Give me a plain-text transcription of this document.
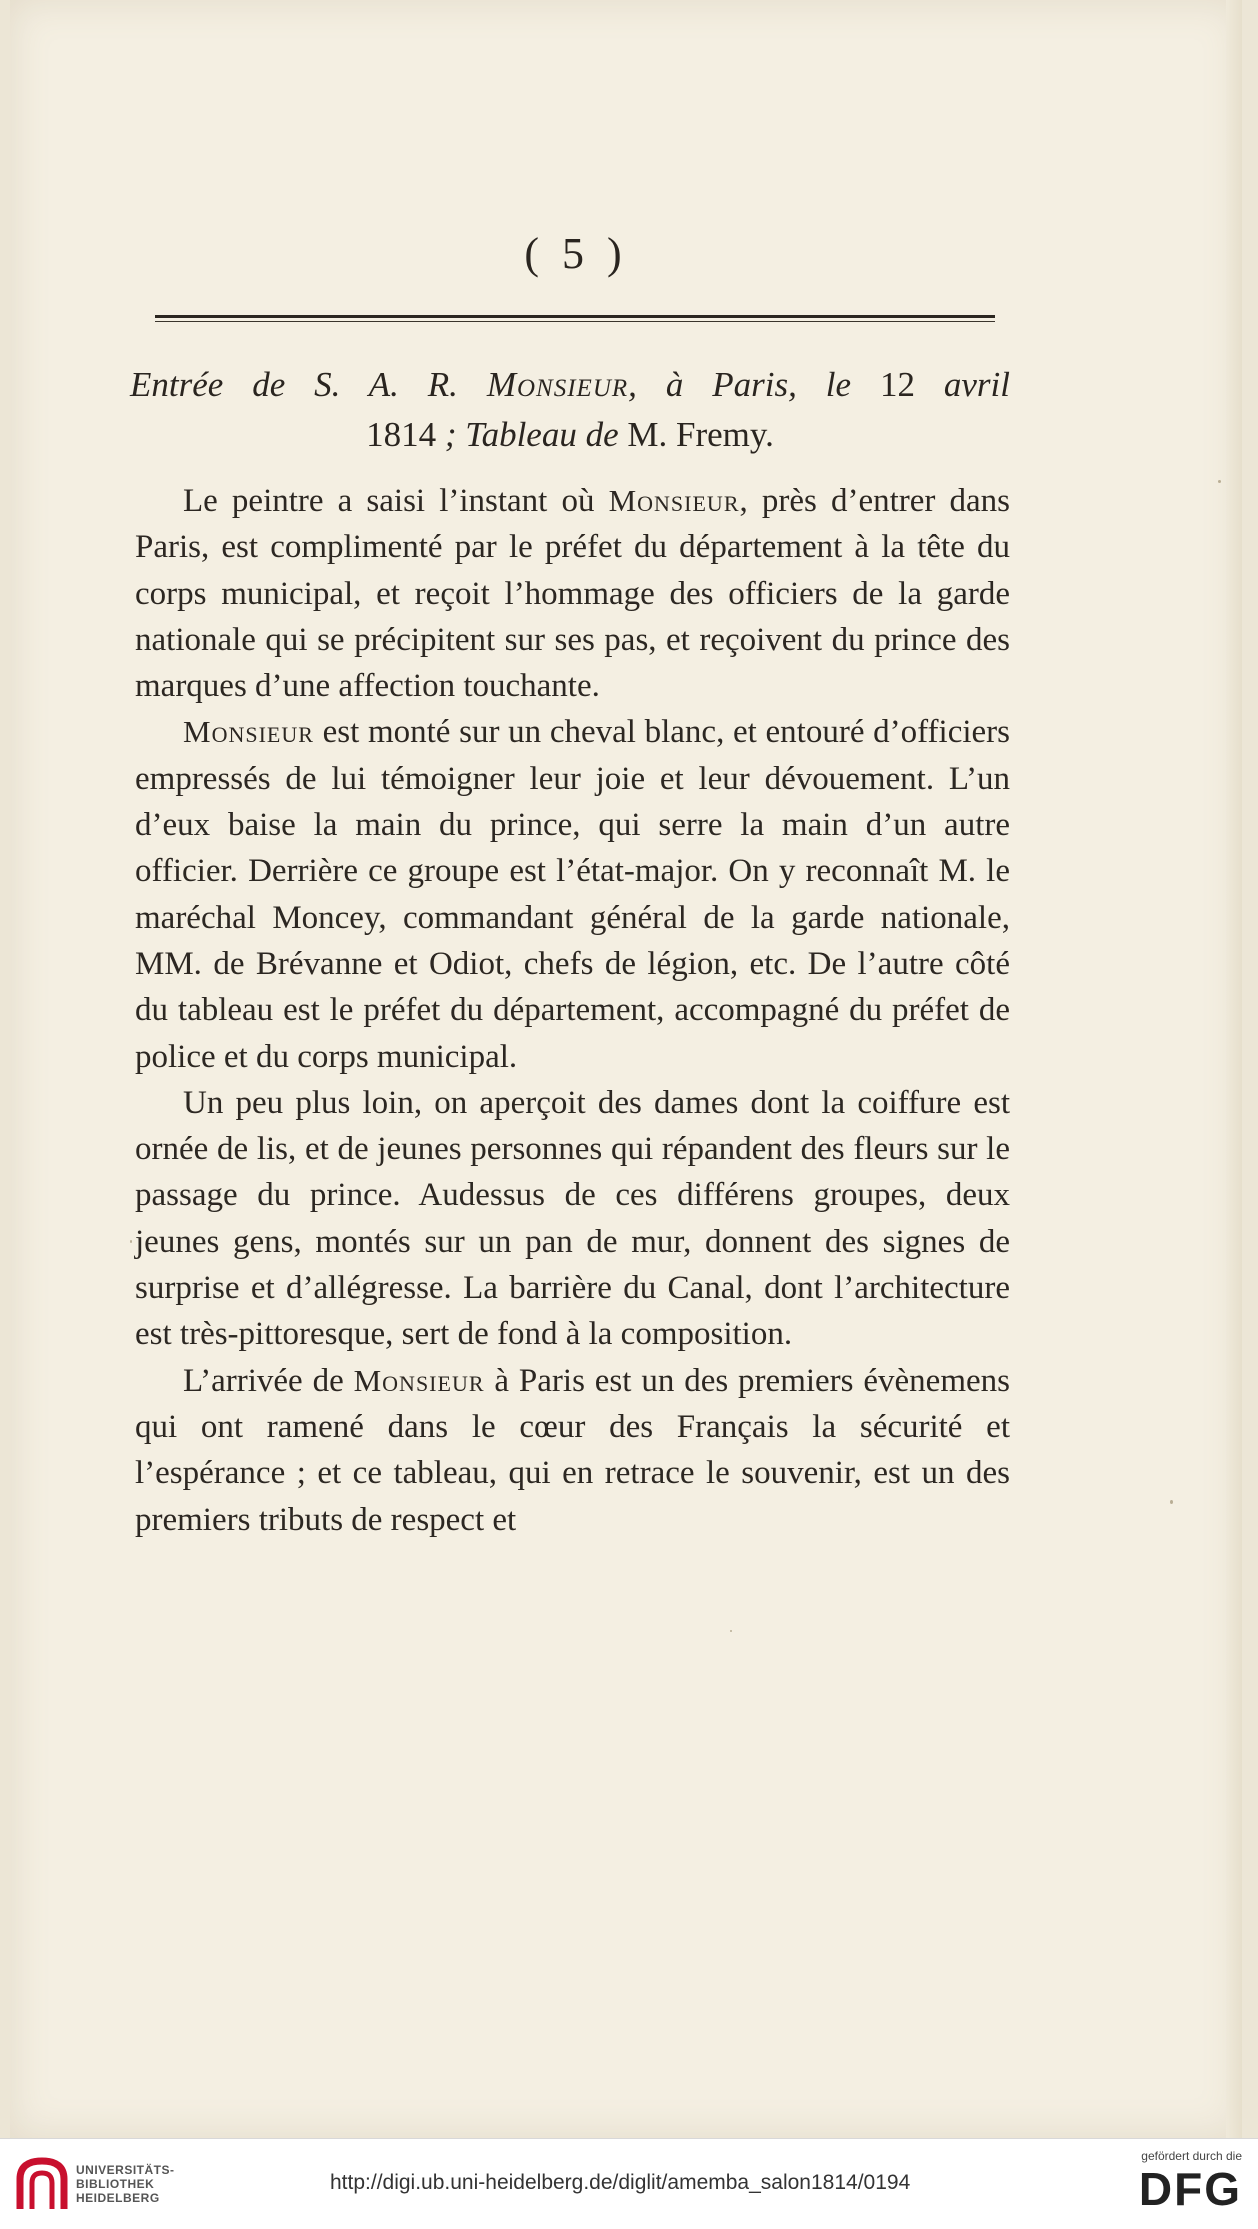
( 5 )
Entrée de S. A. R. Monsieur, à Paris, le 12 avril
1814 ; Tableau de M. Fremy.

Le peintre a saisi l’instant où Monsieur, près d’entrer dans Paris, est complimenté par le préfet du département à la tête du corps municipal, et reçoit l’hommage des officiers de la garde nationale qui se précipitent sur ses pas, et reçoivent du prince des marques d’une affection touchante.

Monsieur est monté sur un cheval blanc, et entouré d’officiers empressés de lui témoigner leur joie et leur dévouement. L’un d’eux baise la main du prince, qui serre la main d’un autre officier. Derrière ce groupe est l’état-major. On y reconnaît M. le maréchal Moncey, commandant général de la garde nationale, MM. de Brévanne et Odiot, chefs de légion, etc. De l’autre côté du tableau est le préfet du département, accompagné du préfet de police et du corps municipal.

Un peu plus loin, on aperçoit des dames dont la coiffure est ornée de lis, et de jeunes personnes qui répandent des fleurs sur le passage du prince. Audessus de ces différens groupes, deux jeunes gens, montés sur un pan de mur, donnent des signes de surprise et d’allégresse. La barrière du Canal, dont l’architecture est très-pittoresque, sert de fond à la composition.

L’arrivée de Monsieur à Paris est un des premiers évènemens qui ont ramené dans le cœur des Français la sécurité et l’espérance ; et ce tableau, qui en retrace le souvenir, est un des premiers tributs de respect et

UNIVERSITÄTS-
BIBLIOTHEK
HEIDELBERG
http://digi.ub.uni-heidelberg.de/diglit/amemba_salon1814/0194
gefördert durch die
DFG
